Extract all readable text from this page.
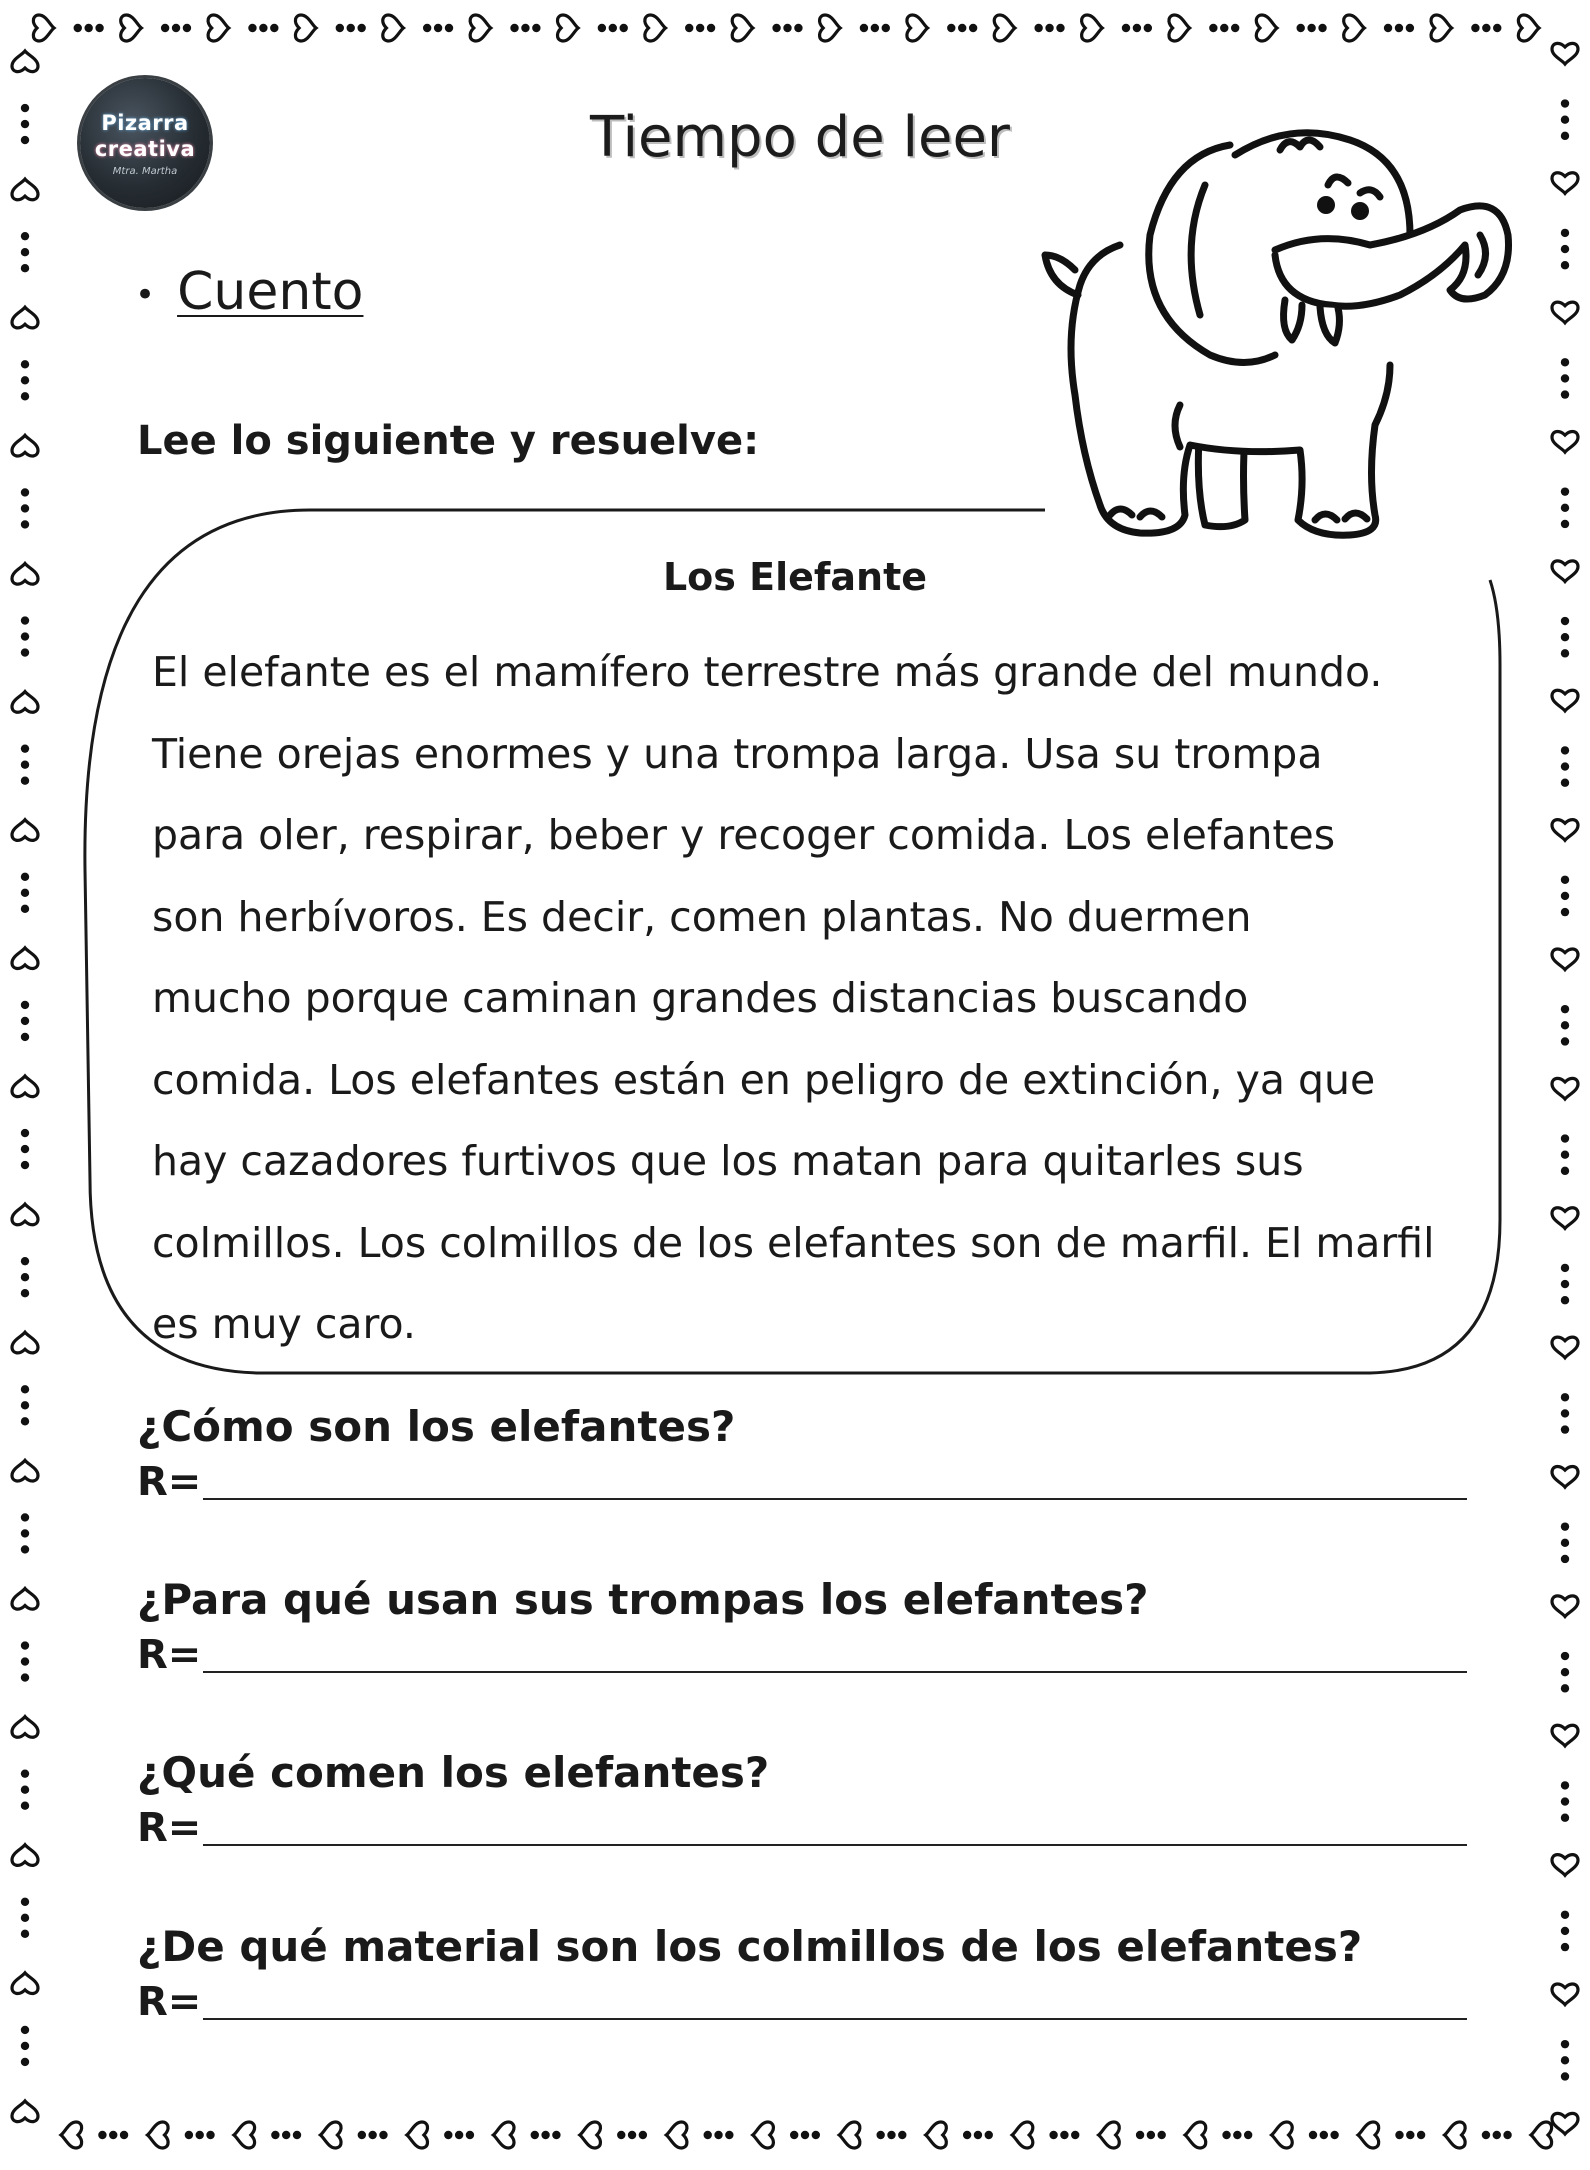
Pizarra
creativa
Mtra. Martha
Tiempo de leer
• Cuento
Lee lo siguiente y resuelve:
Los Elefante
El elefante es el mamífero terrestre más grande del mundo.
Tiene orejas enormes y una trompa larga. Usa su trompa
para oler, respirar, beber y recoger comida. Los elefantes
son herbívoros. Es decir, comen plantas. No duermen
mucho porque caminan grandes distancias buscando
comida. Los elefantes están en peligro de extinción, ya que
hay cazadores furtivos que los matan para quitarles sus
colmillos. Los colmillos de los elefantes son de marfil. El marfil
es muy caro.
¿Cómo son los elefantes?
R=
¿Para qué usan sus trompas los elefantes?
R=
¿Qué comen los elefantes?
R=
¿De qué material son los colmillos de los elefantes?
R=
